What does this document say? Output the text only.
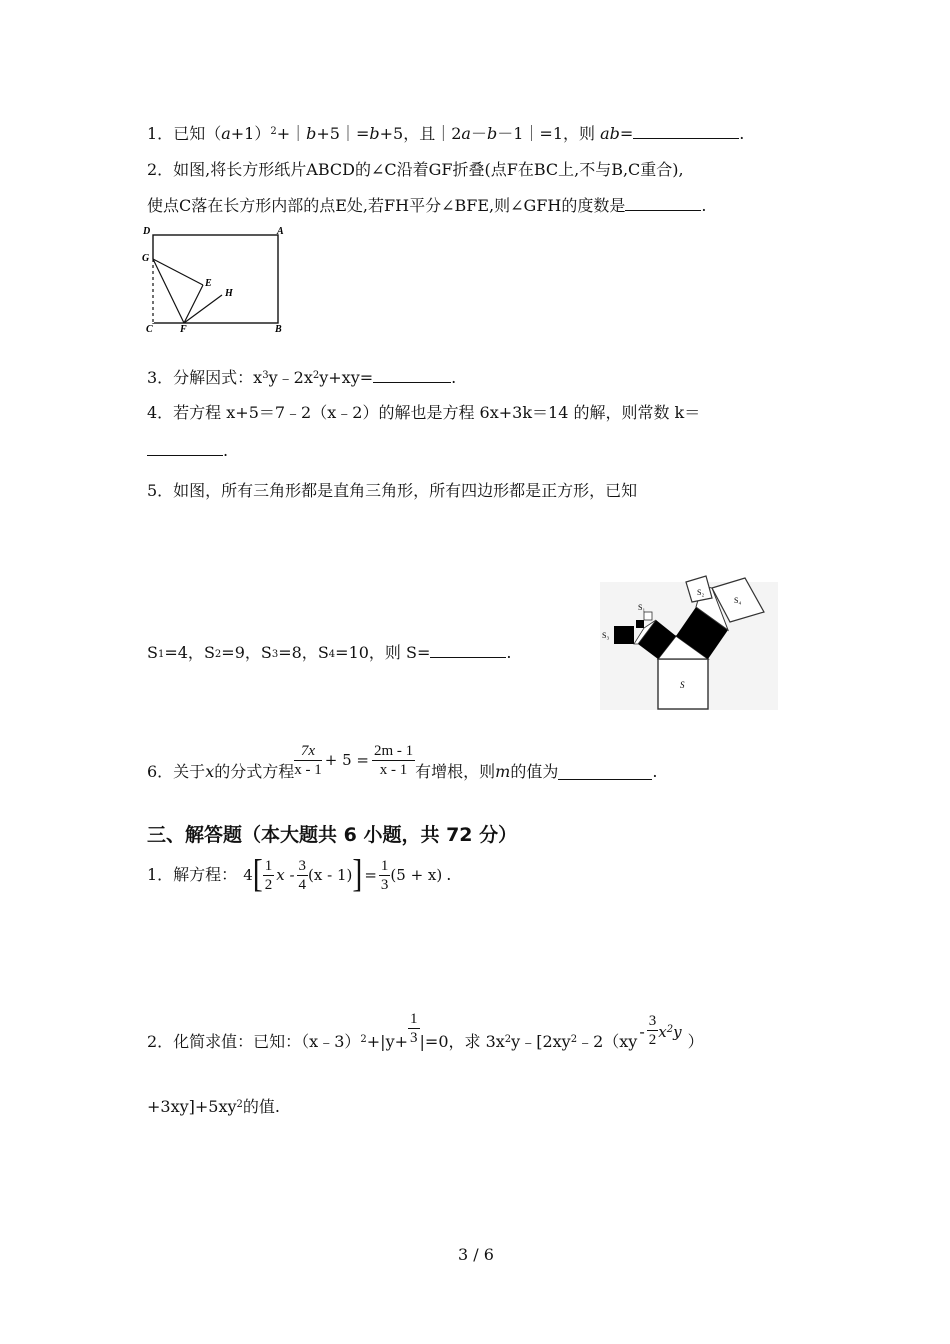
1．已知$(a+1)^2+|b+5|=b+5$，且｜2a－b－1｜=1，则 ab=	.
2．如图,将长方形纸片ABCD的∠C沿着GF折叠(点F在BC上,不与B,C重合),
使点C落在长方形内部的点E处,若FH平分∠BFE,则∠GFH的度数是	.
D	A
G
E
H
C	F	B
3．分解因式：$x^3y﹣2x^2y+xy=$	.
4．若方程 x+5＝7﹣2（x﹣2）的解也是方程 6x+3k＝14 的解，则常数 k＝
.
5．如图，所有三角形都是直角三角形，所有四边形都是正方形，已知
S1=4，S2=9，S3=8，S4=10，则 S=	.
S
S₂
S₄
S₁
S₃
6．关于 x 的分式方程 $\frac{7x}{x - 1} + 5 = \frac{2m - 1}{x - 1}$ 有增根，则 m 的值为	.
三、解答题（本大题共 6 小题，共 72 分）
1．解方程： 4 [ $\frac{1}{2}$ x - $\frac{3}{4} (x - 1)$ ] = $\frac{1}{3} (5 + x)$ .
2．化简求值：已知：（x﹣3）$^2$+|y+ $\frac{1}{3} |=0$，求 $3x^2y﹣[2xy^2﹣2(xy$
- $\frac{3}{2} x^2y$ ）
$+3xy]+5xy^2$的值.
3 / 6
